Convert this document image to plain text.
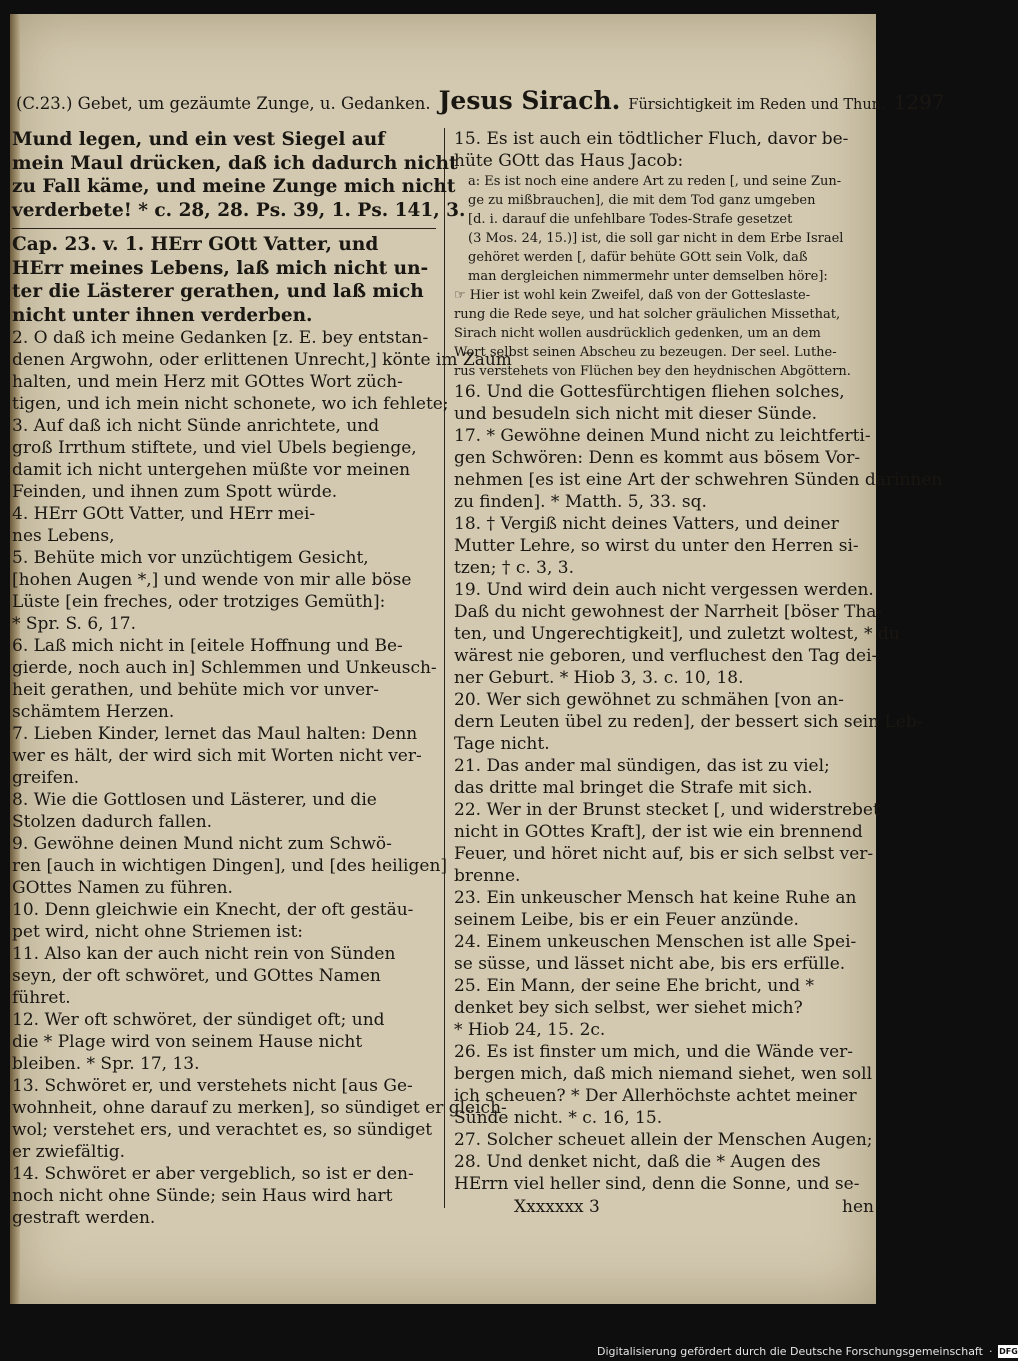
(C.23.) Gebet, um gezäumte Zunge, u. Gedanken. Jesus Sirach. Fürsichtigkeit im Reden und Thun. 1297
Mund legen, und ein vest Siegel auf
mein Maul drücken, daß ich dadurch nicht
zu Fall käme, und meine Zunge mich nicht
verderbete! * c. 28, 28. Ps. 39, 1. Ps. 141, 3.
Cap. 23. v. 1. HErr GOtt Vatter, und
HErr meines Lebens, laß mich nicht un-
ter die Lästerer gerathen, und laß mich
nicht unter ihnen verderben.
2. O daß ich meine Gedanken [z. E. bey entstan-
denen Argwohn, oder erlittenen Unrecht,] könte im Zaum
halten, und mein Herz mit GOttes Wort züch-
tigen, und ich mein nicht schonete, wo ich fehlete;
3. Auf daß ich nicht Sünde anrichtete, und
groß Irrthum stiftete, und viel Ubels begienge,
damit ich nicht untergehen müßte vor meinen
Feinden, und ihnen zum Spott würde.
4. HErr GOtt Vatter, und HErr mei-
nes Lebens,
5. Behüte mich vor unzüchtigem Gesicht,
[hohen Augen *,] und wende von mir alle böse
Lüste [ein freches, oder trotziges Gemüth]:
* Spr. S. 6, 17.
6. Laß mich nicht in [eitele Hoffnung und Be-
gierde, noch auch in] Schlemmen und Unkeusch-
heit gerathen, und behüte mich vor unver-
schämtem Herzen.
7. Lieben Kinder, lernet das Maul halten: Denn
wer es hält, der wird sich mit Worten nicht ver-
greifen.
8. Wie die Gottlosen und Lästerer, und die
Stolzen dadurch fallen.
9. Gewöhne deinen Mund nicht zum Schwö-
ren [auch in wichtigen Dingen], und [des heiligen]
GOttes Namen zu führen.
10. Denn gleichwie ein Knecht, der oft gestäu-
pet wird, nicht ohne Striemen ist:
11. Also kan der auch nicht rein von Sünden
seyn, der oft schwöret, und GOttes Namen
führet.
12. Wer oft schwöret, der sündiget oft; und
die * Plage wird von seinem Hause nicht
bleiben. * Spr. 17, 13.
13. Schwöret er, und verstehets nicht [aus Ge-
wohnheit, ohne darauf zu merken], so sündiget er gleich-
wol; verstehet ers, und verachtet es, so sündiget
er zwiefältig.
14. Schwöret er aber vergeblich, so ist er den-
noch nicht ohne Sünde; sein Haus wird hart
gestraft werden.
15. Es ist auch ein tödtlicher Fluch, davor be-
hüte GOtt das Haus Jacob:
a: Es ist noch eine andere Art zu reden [, und seine Zun-
ge zu mißbrauchen], die mit dem Tod ganz umgeben
[d. i. darauf die unfehlbare Todes-Strafe gesetzet
(3 Mos. 24, 15.)] ist, die soll gar nicht in dem Erbe Israel
gehöret werden [, dafür behüte GOtt sein Volk, daß
man dergleichen nimmermehr unter demselben höre]:
☞ Hier ist wohl kein Zweifel, daß von der Gotteslaste-
rung die Rede seye, und hat solcher gräulichen Missethat,
Sirach nicht wollen ausdrücklich gedenken, um an dem
Wort selbst seinen Abscheu zu bezeugen. Der seel. Luthe-
rus verstehets von Flüchen bey den heydnischen Abgöttern.
16. Und die Gottesfürchtigen fliehen solches,
und besudeln sich nicht mit dieser Sünde.
17. * Gewöhne deinen Mund nicht zu leichtferti-
gen Schwören: Denn es kommt aus bösem Vor-
nehmen [es ist eine Art der schwehren Sünden darinnen
zu finden]. * Matth. 5, 33. sq.
18. † Vergiß nicht deines Vatters, und deiner
Mutter Lehre, so wirst du unter den Herren si-
tzen; † c. 3, 3.
19. Und wird dein auch nicht vergessen werden.
Daß du nicht gewohnest der Narrheit [böser Tha-
ten, und Ungerechtigkeit], und zuletzt woltest, * du
wärest nie geboren, und verfluchest den Tag dei-
ner Geburt. * Hiob 3, 3. c. 10, 18.
20. Wer sich gewöhnet zu schmähen [von an-
dern Leuten übel zu reden], der bessert sich sein Leb-
Tage nicht.
21. Das ander mal sündigen, das ist zu viel;
das dritte mal bringet die Strafe mit sich.
22. Wer in der Brunst stecket [, und widerstrebet
nicht in GOttes Kraft], der ist wie ein brennend
Feuer, und höret nicht auf, bis er sich selbst ver-
brenne.
23. Ein unkeuscher Mensch hat keine Ruhe an
seinem Leibe, bis er ein Feuer anzünde.
24. Einem unkeuschen Menschen ist alle Spei-
se süsse, und lässet nicht abe, bis ers erfülle.
25. Ein Mann, der seine Ehe bricht, und *
denket bey sich selbst, wer siehet mich?
* Hiob 24, 15. 2c.
26. Es ist finster um mich, und die Wände ver-
bergen mich, daß mich niemand siehet, wen soll
ich scheuen? * Der Allerhöchste achtet meiner
Sünde nicht. * c. 16, 15.
27. Solcher scheuet allein der Menschen Augen;
28. Und denket nicht, daß die * Augen des
HErrn viel heller sind, denn die Sonne, und se-
Xxxxxxx 3	hen
Digitalisierung gefördert durch die Deutsche Forschungsgemeinschaft · DFG
